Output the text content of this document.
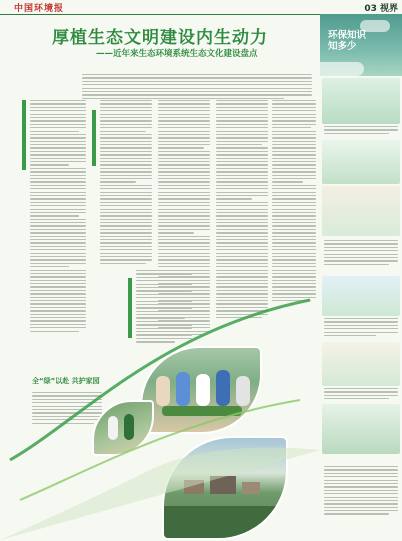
中国环境报	03 视界
厚植生态文明建设内生动力
——近年来生态环境系统生态文化建设盘点
全“绿”以赴 共护家园
环保知识知多少
